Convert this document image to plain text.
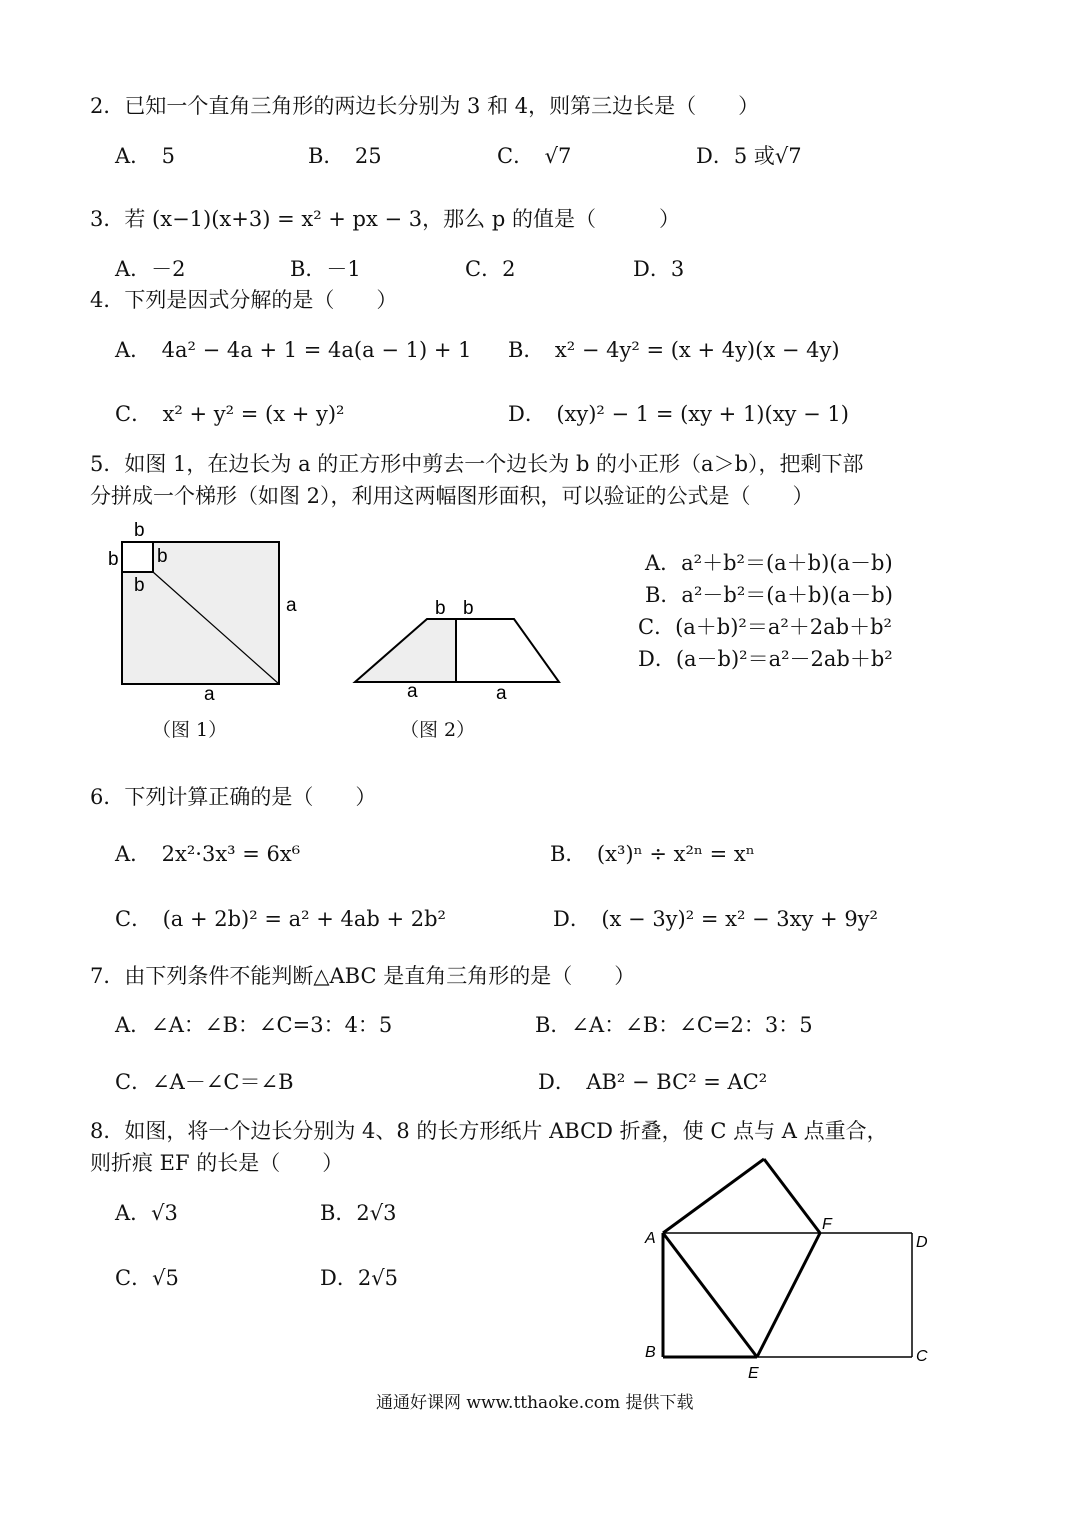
2．已知一个直角三角形的两边长分别为 3 和 4，则第三边长是（　　）
A．　5	B．　25	C．　√7	D．5 或√7
3．若 (x−1)(x+3) = x² + px − 3，那么 p 的值是（　　　）
A．－2	B．－1	C．2	D．3
4．下列是因式分解的是（　　）
A．　4a² − 4a + 1 = 4a(a − 1) + 1 B．　x² − 4y² = (x + 4y)(x − 4y)
C．　x² + y² = (x + y)²	D．　(xy)² − 1 = (xy + 1)(xy − 1)
5．如图 1，在边长为 a 的正方形中剪去一个边长为 b 的小正形（a＞b），把剩下部
分拼成一个梯形（如图 2），利用这两幅图形面积，可以验证的公式是（　　）
b
b b
b
a
a
（图 1）
b b
a	a
（图 2）
A．a²＋b²＝(a＋b)(a－b)
B．a²－b²＝(a＋b)(a－b)
C．(a＋b)²＝a²＋2ab＋b²
D．(a－b)²＝a²－2ab＋b²
6．下列计算正确的是（　　）
A．　2x²·3x³ = 6x⁶	B．　(x³)ⁿ ÷ x²ⁿ = xⁿ
C．　(a + 2b)² = a² + 4ab + 2b²	D．　(x − 3y)² = x² − 3xy + 9y²
7．由下列条件不能判断△ABC 是直角三角形的是（　　）
A．∠A：∠B：∠C=3：4：5	B．∠A：∠B：∠C=2：3：5
C．∠A－∠C＝∠B	D．　AB² − BC² = AC²
8．如图，将一个边长分别为 4、8 的长方形纸片 ABCD 折叠，使 C 点与 A 点重合，
则折痕 EF 的长是（　　）
A．√3	B．2√3
C．√5	D．2√5
A
B	C
D
E
F
通通好课网 www.tthaoke.com 提供下载
